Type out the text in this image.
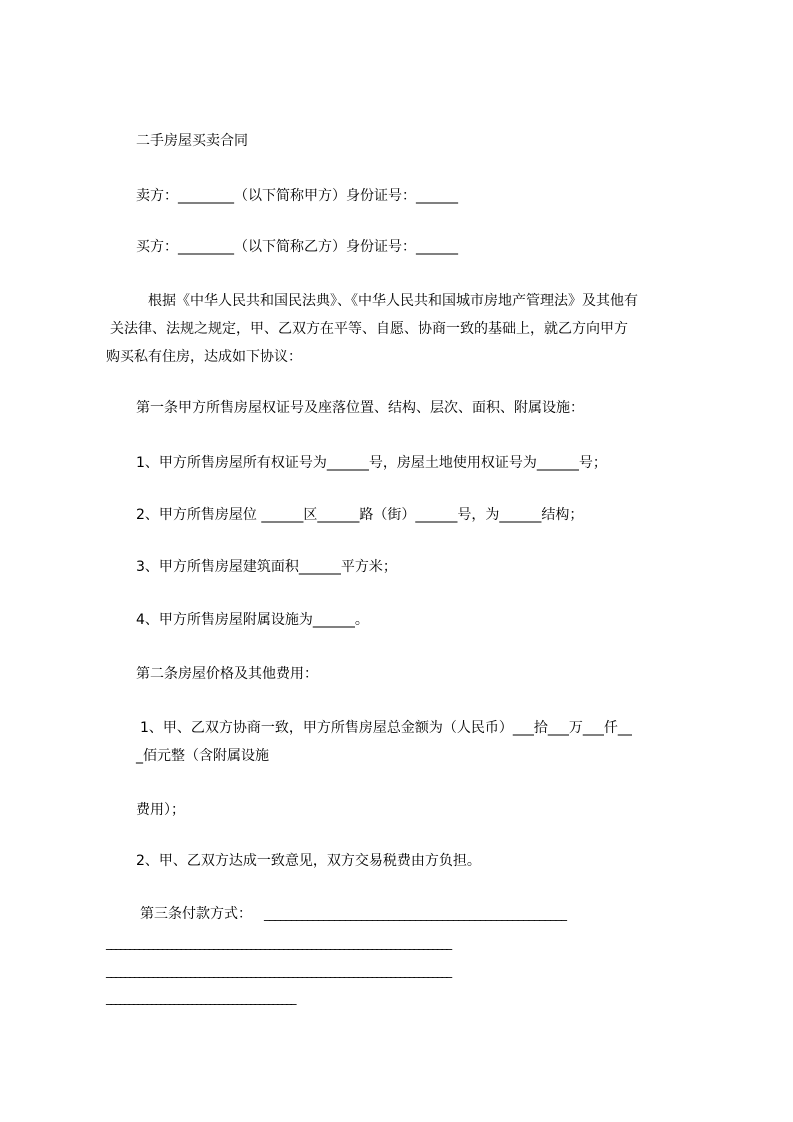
二手房屋买卖合同
卖方：________（以下简称甲方）身份证号：______
买方：________（以下简称乙方）身份证号：______
根据《中华人民共和国民法典》、《中华人民共和国城市房地产管理法》及其他有
关法律、法规之规定，甲、乙双方在平等、自愿、协商一致的基础上，就乙方向甲方
购买私有住房，达成如下协议：
第一条甲方所售房屋权证号及座落位置、结构、层次、面积、附属设施：
1、甲方所售房屋所有权证号为______号，房屋土地使用权证号为______号；
2、甲方所售房屋位 ______区______路（街）______号，为______结构；
3、甲方所售房屋建筑面积______平方米；
4、甲方所售房屋附属设施为______。
第二条房屋价格及其他费用：
1、甲、乙双方协商一致，甲方所售房屋总金额为（人民币）___拾___万___仟__
_佰元整（含附属设施
费用）；
2、甲、乙双方达成一致意见，双方交易税费由方负担。
第三条付款方式： ________________________________________________________
__________________________________________________________________________
__________________________________________________________________________
__________________________________________
